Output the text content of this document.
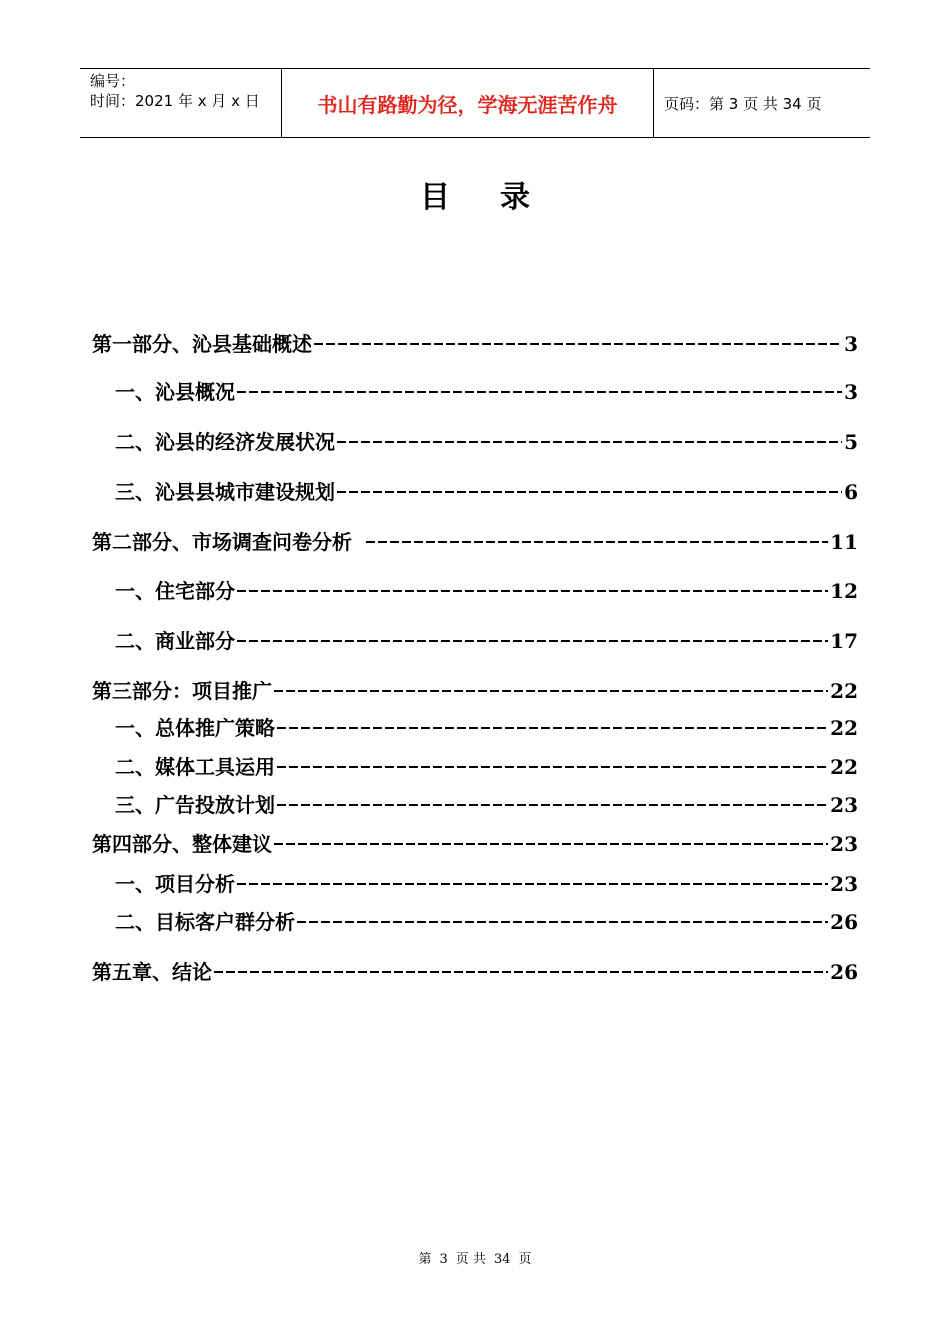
编号：
时间：2021 年 x 月 x 日	书山有路勤为径，学海无涯苦作舟	页码：第 3 页 共 34 页
目录
第一部分、沁县基础概述	3
一、沁县概况	3
二、沁县的经济发展状况	5
三、沁县县城市建设规划	6
第二部分、市场调查问卷分析	11
一、住宅部分	12
二、商业部分	17
第三部分：项目推广	22
一、总体推广策略	22
二、媒体工具运用	22
三、广告投放计划	23
第四部分、整体建议	23
一、项目分析	23
二、目标客户群分析	26
第五章、结论	26
第 3 页 共 34 页
